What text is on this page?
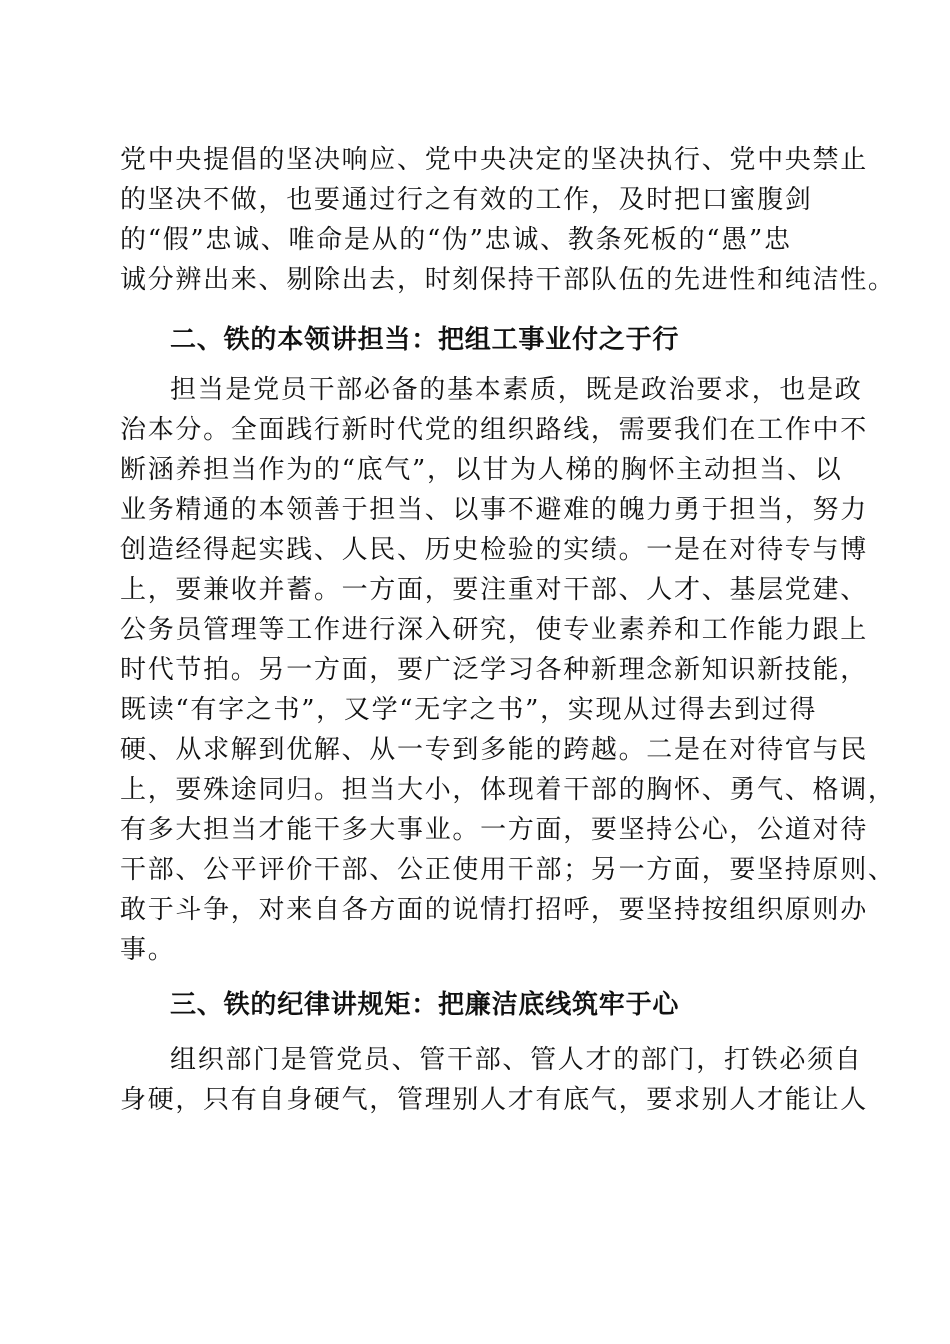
党中央提倡的坚决响应、党中央决定的坚决执行、党中央禁止
的坚决不做，也要通过行之有效的工作，及时把口蜜腹剑
的“假”忠诚、唯命是从的“伪”忠诚、教条死板的“愚”忠
诚分辨出来、剔除出去，时刻保持干部队伍的先进性和纯洁性。
二、铁的本领讲担当：把组工事业付之于行
担当是党员干部必备的基本素质，既是政治要求，也是政
治本分。全面践行新时代党的组织路线，需要我们在工作中不
断涵养担当作为的“底气”，以甘为人梯的胸怀主动担当、以
业务精通的本领善于担当、以事不避难的魄力勇于担当，努力
创造经得起实践、人民、历史检验的实绩。一是在对待专与博
上，要兼收并蓄。一方面，要注重对干部、人才、基层党建、
公务员管理等工作进行深入研究，使专业素养和工作能力跟上
时代节拍。另一方面，要广泛学习各种新理念新知识新技能，
既读“有字之书”，又学“无字之书”，实现从过得去到过得
硬、从求解到优解、从一专到多能的跨越。二是在对待官与民
上，要殊途同归。担当大小，体现着干部的胸怀、勇气、格调，
有多大担当才能干多大事业。一方面，要坚持公心，公道对待
干部、公平评价干部、公正使用干部；另一方面，要坚持原则、
敢于斗争，对来自各方面的说情打招呼，要坚持按组织原则办
事。
三、铁的纪律讲规矩：把廉洁底线筑牢于心
组织部门是管党员、管干部、管人才的部门，打铁必须自
身硬，只有自身硬气，管理别人才有底气，要求别人才能让人
